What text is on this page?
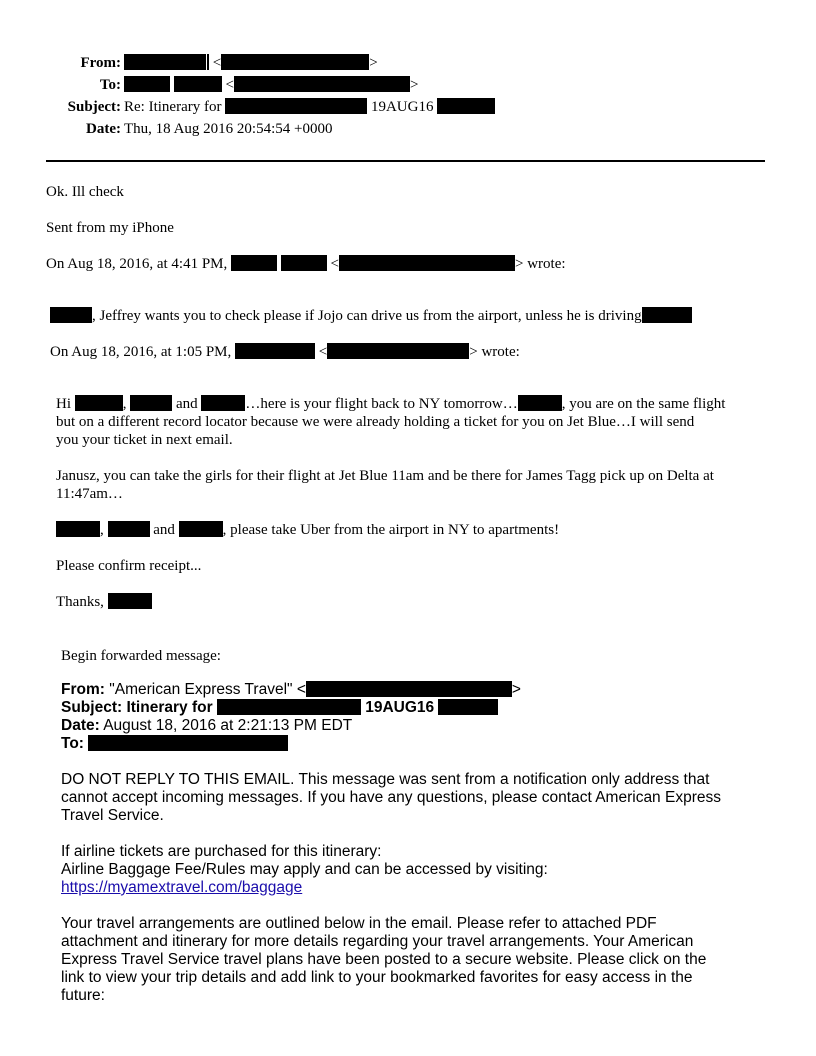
From:	<	>
To:	<	>
Subject: Re: Itinerary for	19AUG16
Date: Thu, 18 Aug 2016 20:54:54 +0000
Ok. Ill check
Sent from my iPhone
On Aug 18, 2016, at 4:41 PM,	<	> wrote:
, Jeffrey wants you to check please if Jojo can drive us from the airport, unless he is driving
On Aug 18, 2016, at 1:05 PM,	<	> wrote:
Hi	,	and	…here is your flight back to NY tomorrow…	, you are on the same flight
but on a different record locator because we were already holding a ticket for you on Jet Blue…I will send
you your ticket in next email.
Janusz, you can take the girls for their flight at Jet Blue 11am and be there for James Tagg pick up on Delta at
11:47am…
,	and	, please take Uber from the airport in NY to apartments!
Please confirm receipt...
Thanks,
Begin forwarded message:
From: "American Express Travel" <	>
Subject: Itinerary for	19AUG16
Date: August 18, 2016 at 2:21:13 PM EDT
To:
DO NOT REPLY TO THIS EMAIL. This message was sent from a notification only address that
cannot accept incoming messages. If you have any questions, please contact American Express
Travel Service.
If airline tickets are purchased for this itinerary:
Airline Baggage Fee/Rules may apply and can be accessed by visiting:
https://myamextravel.com/baggage
Your travel arrangements are outlined below in the email. Please refer to attached PDF
attachment and itinerary for more details regarding your travel arrangements. Your American
Express Travel Service travel plans have been posted to a secure website. Please click on the
link to view your trip details and add link to your bookmarked favorites for easy access in the
future:
